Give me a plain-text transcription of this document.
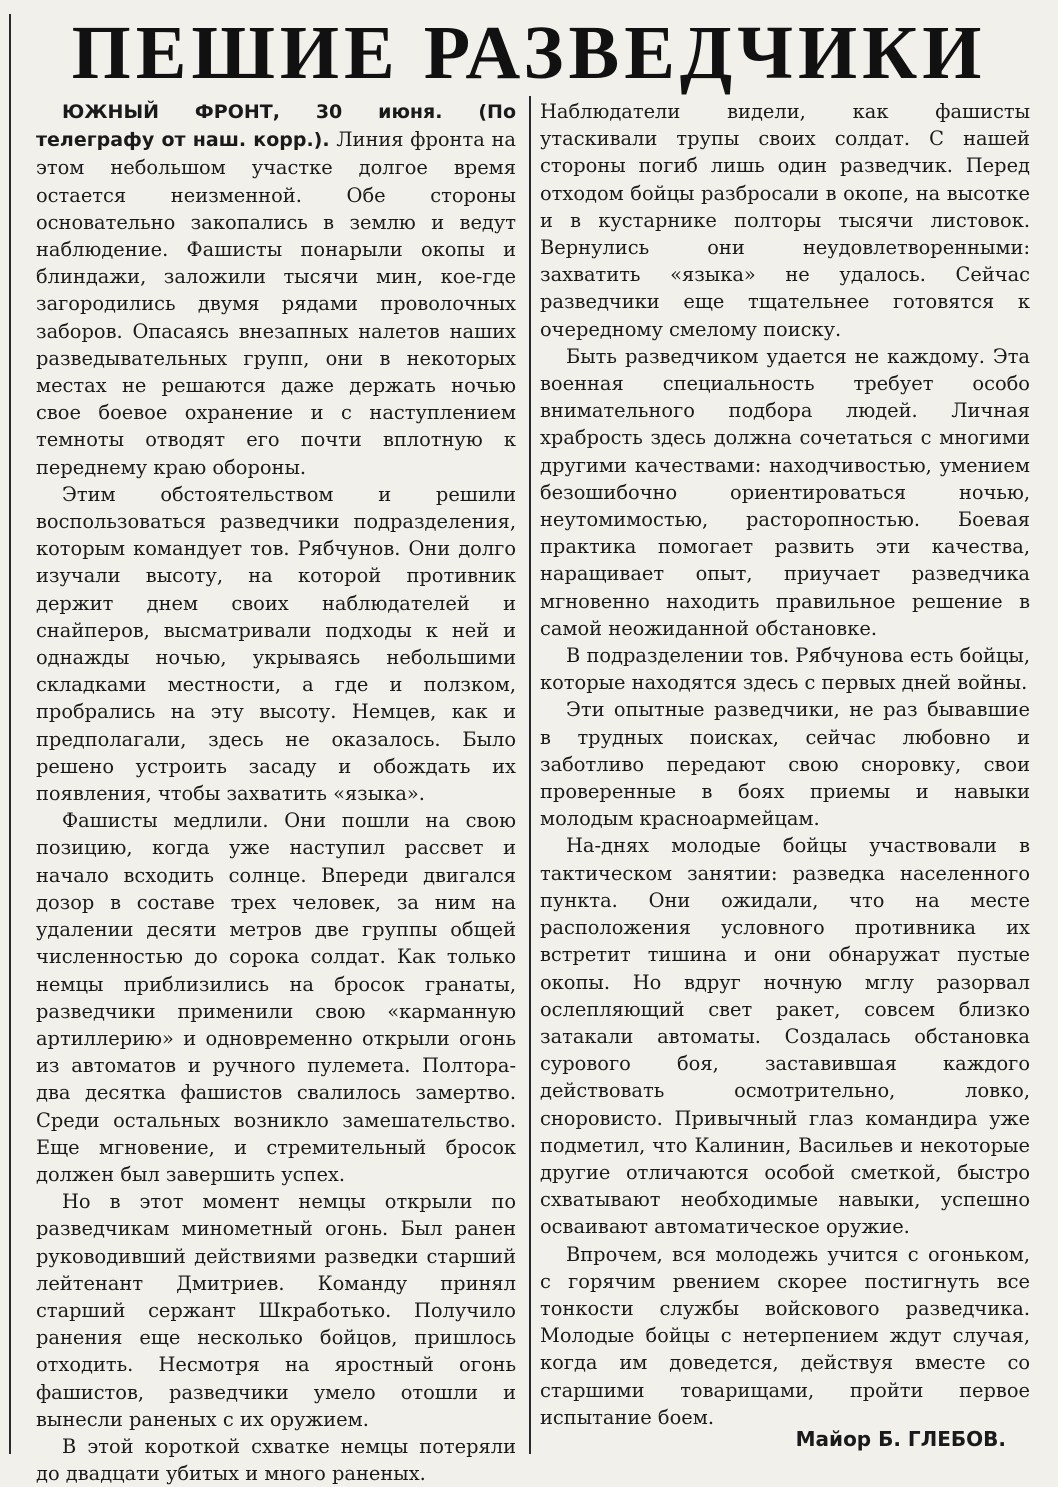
ПЕШИЕ РАЗВЕДЧИКИ

ЮЖНЫЙ ФРОНТ, 30 июня. (По телеграфу от наш. корр.). Линия фронта на этом небольшом участке долгое время остается неизменной. Обе стороны основательно закопались в землю и ведут наблюдение. Фашисты понарыли окопы и блиндажи, заложили тысячи мин, кое-где загородились двумя рядами проволочных заборов. Опасаясь внезапных налетов наших разведывательных групп, они в некоторых местах не решаются даже держать ночью свое боевое охранение и с наступлением темноты отводят его почти вплотную к переднему краю обороны.

Этим обстоятельством и решили воспользоваться разведчики подразделения, которым командует тов. Рябчунов. Они долго изучали высоту, на которой противник держит днем своих наблюдателей и снайперов, высматривали подходы к ней и однажды ночью, укрываясь небольшими складками местности, а где и ползком, пробрались на эту высоту. Немцев, как и предполагали, здесь не оказалось. Было решено устроить засаду и обождать их появления, чтобы захватить «языка».

Фашисты медлили. Они пошли на свою позицию, когда уже наступил рассвет и начало всходить солнце. Впереди двигался дозор в составе трех человек, за ним на удалении десяти метров две группы общей численностью до сорока солдат. Как только немцы приблизились на бросок гранаты, разведчики применили свою «карманную артиллерию» и одновременно открыли огонь из автоматов и ручного пулемета. Полтора-два десятка фашистов свалилось замертво. Среди остальных возникло замешательство. Еще мгновение, и стремительный бросок должен был завершить успех.

Но в этот момент немцы открыли по разведчикам минометный огонь. Был ранен руководивший действиями разведки старший лейтенант Дмитриев. Команду принял старший сержант Шкработько. Получило ранения еще несколько бойцов, пришлось отходить. Несмотря на яростный огонь фашистов, разведчики умело отошли и вынесли раненых с их оружием.

В этой короткой схватке немцы потеряли до двадцати убитых и много раненых.

Наблюдатели видели, как фашисты утаскивали трупы своих солдат. С нашей стороны погиб лишь один разведчик. Перед отходом бойцы разбросали в окопе, на высотке и в кустарнике полторы тысячи листовок. Вернулись они неудовлетворенными: захватить «языка» не удалось. Сейчас разведчики еще тщательнее готовятся к очередному смелому поиску.

Быть разведчиком удается не каждому. Эта военная специальность требует особо внимательного подбора людей. Личная храбрость здесь должна сочетаться с многими другими качествами: находчивостью, умением безошибочно ориентироваться ночью, неутомимостью, расторопностью. Боевая практика помогает развить эти качества, наращивает опыт, приучает разведчика мгновенно находить правильное решение в самой неожиданной обстановке.

В подразделении тов. Рябчунова есть бойцы, которые находятся здесь с первых дней войны.

Эти опытные разведчики, не раз бывавшие в трудных поисках, сейчас любовно и заботливо передают свою сноровку, свои проверенные в боях приемы и навыки молодым красноармейцам.

На-днях молодые бойцы участвовали в тактическом занятии: разведка населенного пункта. Они ожидали, что на месте расположения условного противника их встретит тишина и они обнаружат пустые окопы. Но вдруг ночную мглу разорвал ослепляющий свет ракет, совсем близко затакали автоматы. Создалась обстановка сурового боя, заставившая каждого действовать осмотрительно, ловко, сноровисто. Привычный глаз командира уже подметил, что Калинин, Васильев и некоторые другие отличаются особой сметкой, быстро схватывают необходимые навыки, успешно осваивают автоматическое оружие.

Впрочем, вся молодежь учится с огоньком, с горячим рвением скорее постигнуть все тонкости службы войскового разведчика. Молодые бойцы с нетерпением ждут случая, когда им доведется, действуя вместе со старшими товарищами, пройти первое испытание боем.

Майор Б. ГЛЕБОВ.
